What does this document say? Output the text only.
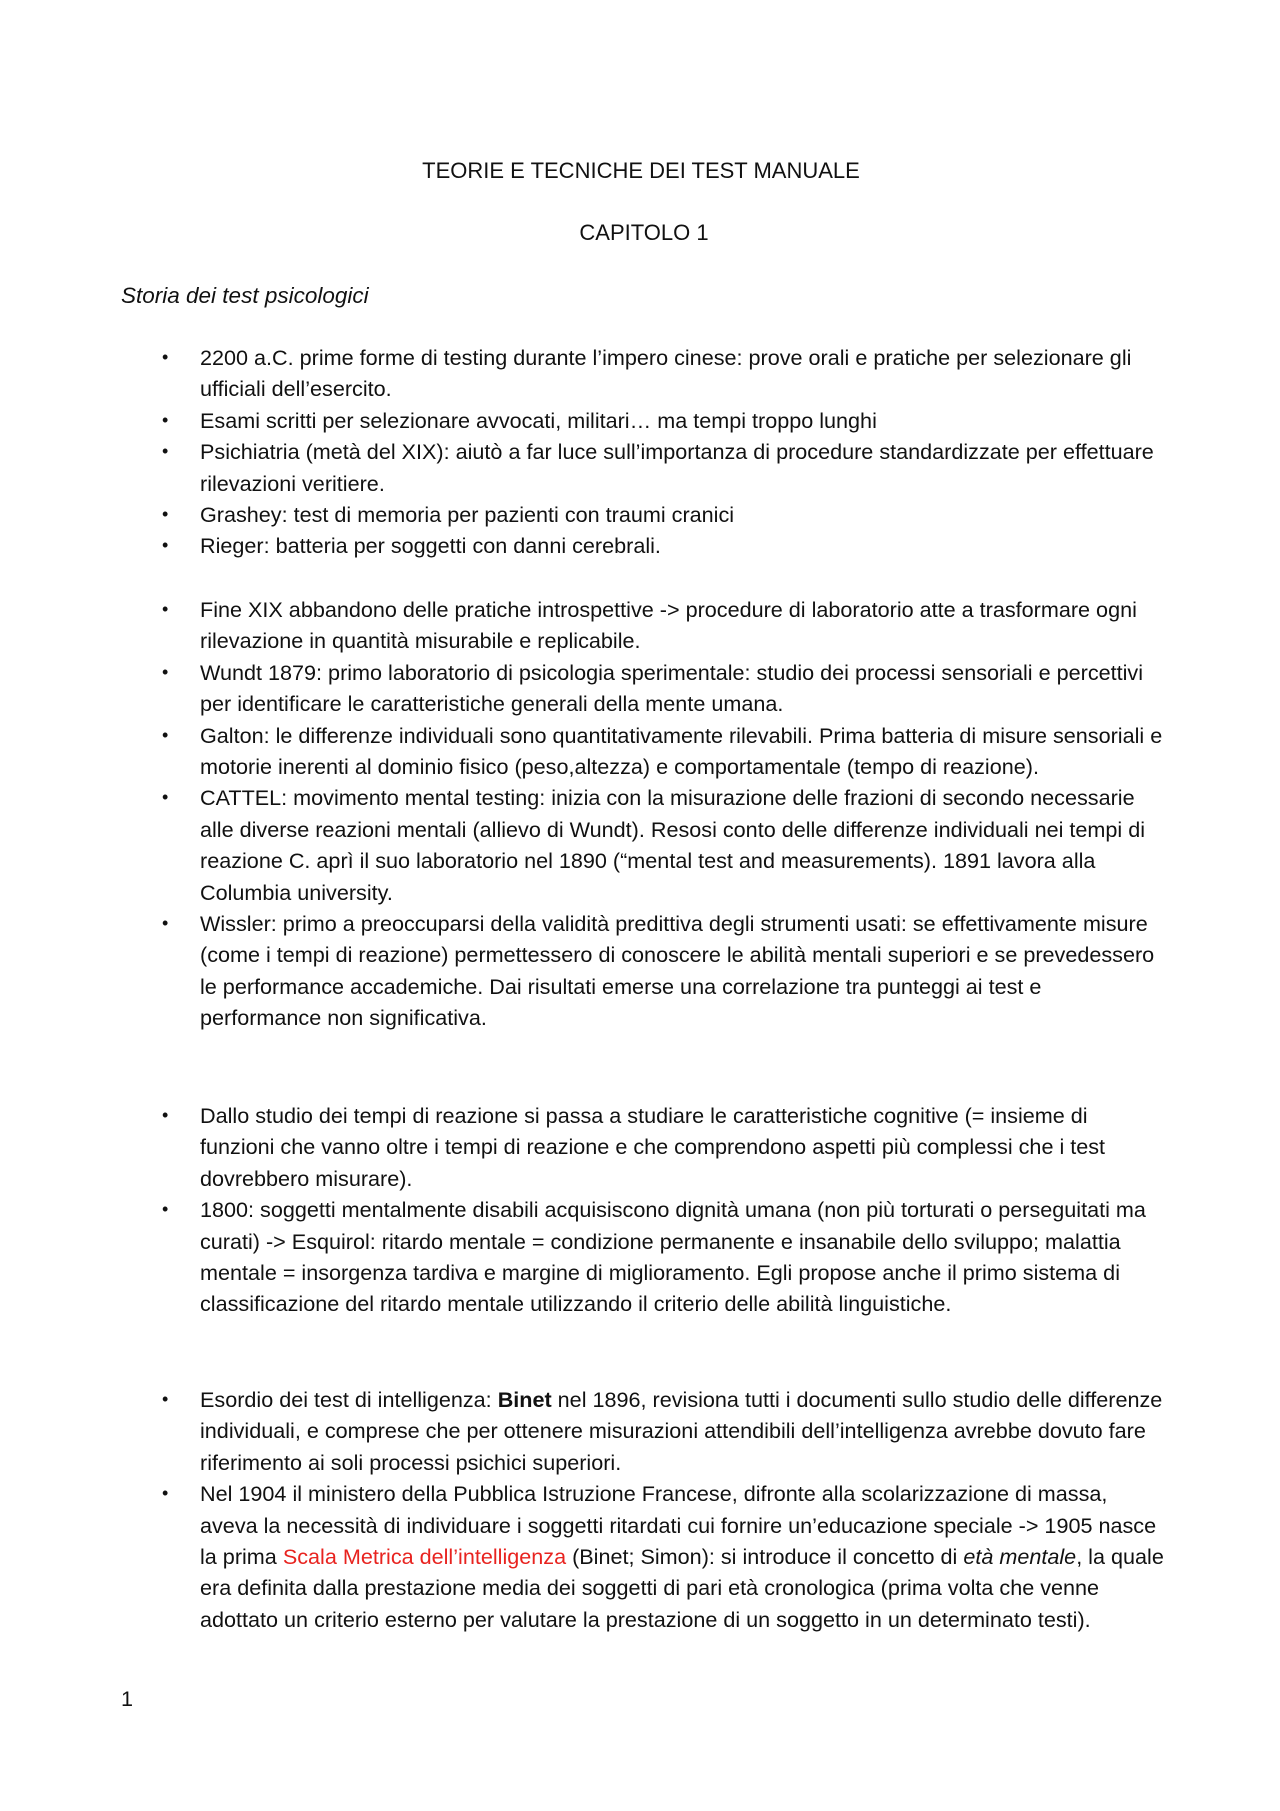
TEORIE E TECNICHE DEI TEST MANUALE
CAPITOLO 1
Storia dei test psicologici
• 2200 a.C. prime forme di testing durante l’impero cinese: prove orali e pratiche per selezionare gli ufficiali dell’esercito.
• Esami scritti per selezionare avvocati, militari… ma tempi troppo lunghi
• Psichiatria (metà del XIX): aiutò a far luce sull’importanza di procedure standardizzate per effettuare rilevazioni veritiere.
• Grashey: test di memoria per pazienti con traumi cranici
• Rieger: batteria per soggetti con danni cerebrali.
• Fine XIX abbandono delle pratiche introspettive -> procedure di laboratorio atte a trasformare ogni rilevazione in quantità misurabile e replicabile.
• Wundt 1879: primo laboratorio di psicologia sperimentale: studio dei processi sensoriali e percettivi per identificare le caratteristiche generali della mente umana.
• Galton: le differenze individuali sono quantitativamente rilevabili. Prima batteria di misure sensoriali e motorie inerenti al dominio fisico (peso,altezza) e comportamentale (tempo di reazione).
• CATTEL: movimento mental testing: inizia con la misurazione delle frazioni di secondo necessarie alle diverse reazioni mentali (allievo di Wundt). Resosi conto delle differenze individuali nei tempi di reazione C. aprì il suo laboratorio nel 1890 (“mental test and measurements). 1891 lavora alla Columbia university.
• Wissler: primo a preoccuparsi della validità predittiva degli strumenti usati: se effettivamente misure (come i tempi di reazione) permettessero di conoscere le abilità mentali superiori e se prevedessero le performance accademiche. Dai risultati emerse una correlazione tra punteggi ai test e performance non significativa.
• Dallo studio dei tempi di reazione si passa a studiare le caratteristiche cognitive (= insieme di funzioni che vanno oltre i tempi di reazione e che comprendono aspetti più complessi che i test dovrebbero misurare).
• 1800: soggetti mentalmente disabili acquisiscono dignità umana (non più torturati o perseguitati ma curati) -> Esquirol: ritardo mentale = condizione permanente e insanabile dello sviluppo; malattia mentale = insorgenza tardiva e margine di miglioramento. Egli propose anche il primo sistema di classificazione del ritardo mentale utilizzando il criterio delle abilità linguistiche.
• Esordio dei test di intelligenza: Binet nel 1896, revisiona tutti i documenti sullo studio delle differenze individuali, e comprese che per ottenere misurazioni attendibili dell’intelligenza avrebbe dovuto fare riferimento ai soli processi psichici superiori.
• Nel 1904 il ministero della Pubblica Istruzione Francese, difronte alla scolarizzazione di massa, aveva la necessità di individuare i soggetti ritardati cui fornire un’educazione speciale -> 1905 nasce la prima Scala Metrica dell’intelligenza (Binet; Simon): si introduce il concetto di età mentale, la quale era definita dalla prestazione media dei soggetti di pari età cronologica (prima volta che venne adottato un criterio esterno per valutare la prestazione di un soggetto in un determinato testi).
1
